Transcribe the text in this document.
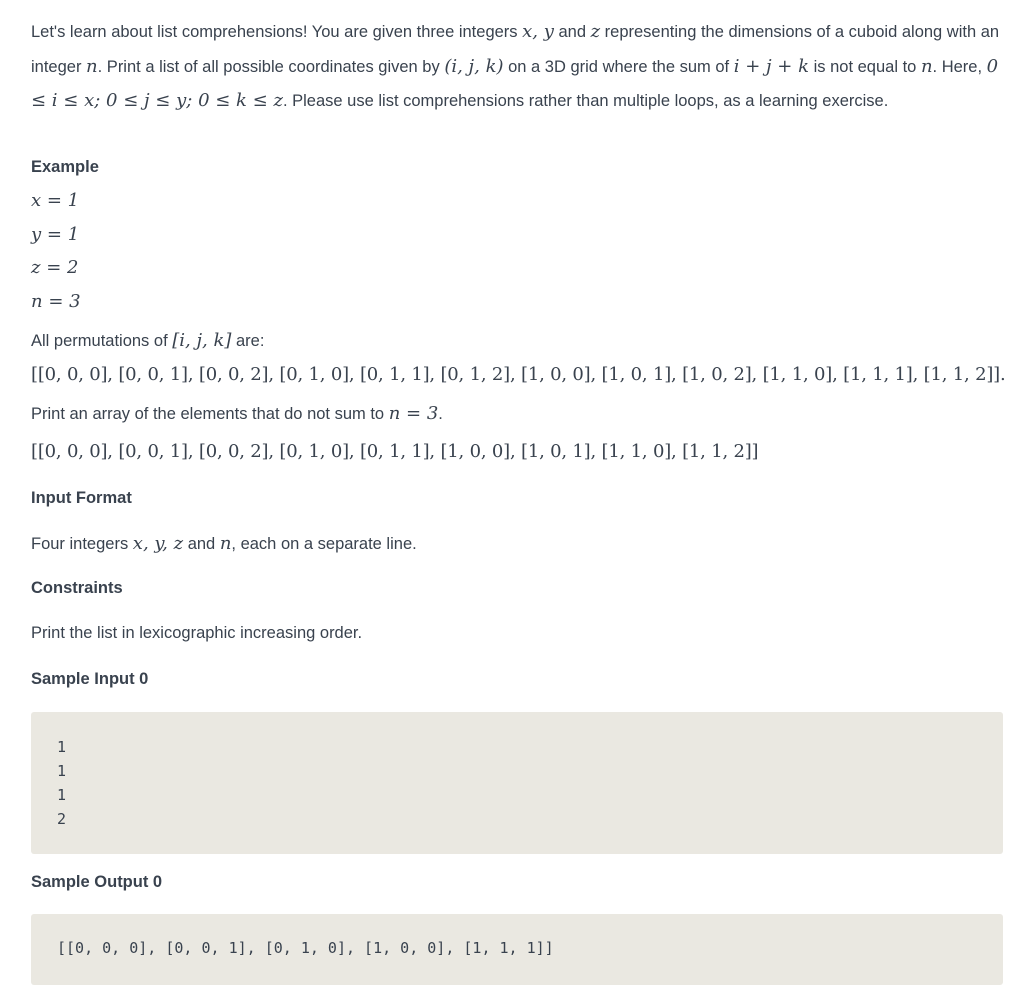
Let's learn about list comprehensions! You are given three integers x, y and z representing the dimensions of a cuboid along with an integer n. Print a list of all possible coordinates given by (i, j, k) on a 3D grid where the sum of i + j + k is not equal to n. Here, 0 ≤ i ≤ x; 0 ≤ j ≤ y; 0 ≤ k ≤ z. Please use list comprehensions rather than multiple loops, as a learning exercise.
Example
x = 1
y = 1
z = 2
n = 3
All permutations of [i, j, k] are:
[[0, 0, 0], [0, 0, 1], [0, 0, 2], [0, 1, 0], [0, 1, 1], [0, 1, 2], [1, 0, 0], [1, 0, 1], [1, 0, 2], [1, 1, 0], [1, 1, 1], [1, 1, 2]].
Print an array of the elements that do not sum to n = 3.
[[0, 0, 0], [0, 0, 1], [0, 0, 2], [0, 1, 0], [0, 1, 1], [1, 0, 0], [1, 0, 1], [1, 1, 0], [1, 1, 2]]
Input Format
Four integers x, y, z and n, each on a separate line.
Constraints
Print the list in lexicographic increasing order.
Sample Input 0
1
1
1
2
Sample Output 0
[[0, 0, 0], [0, 0, 1], [0, 1, 0], [1, 0, 0], [1, 1, 1]]
